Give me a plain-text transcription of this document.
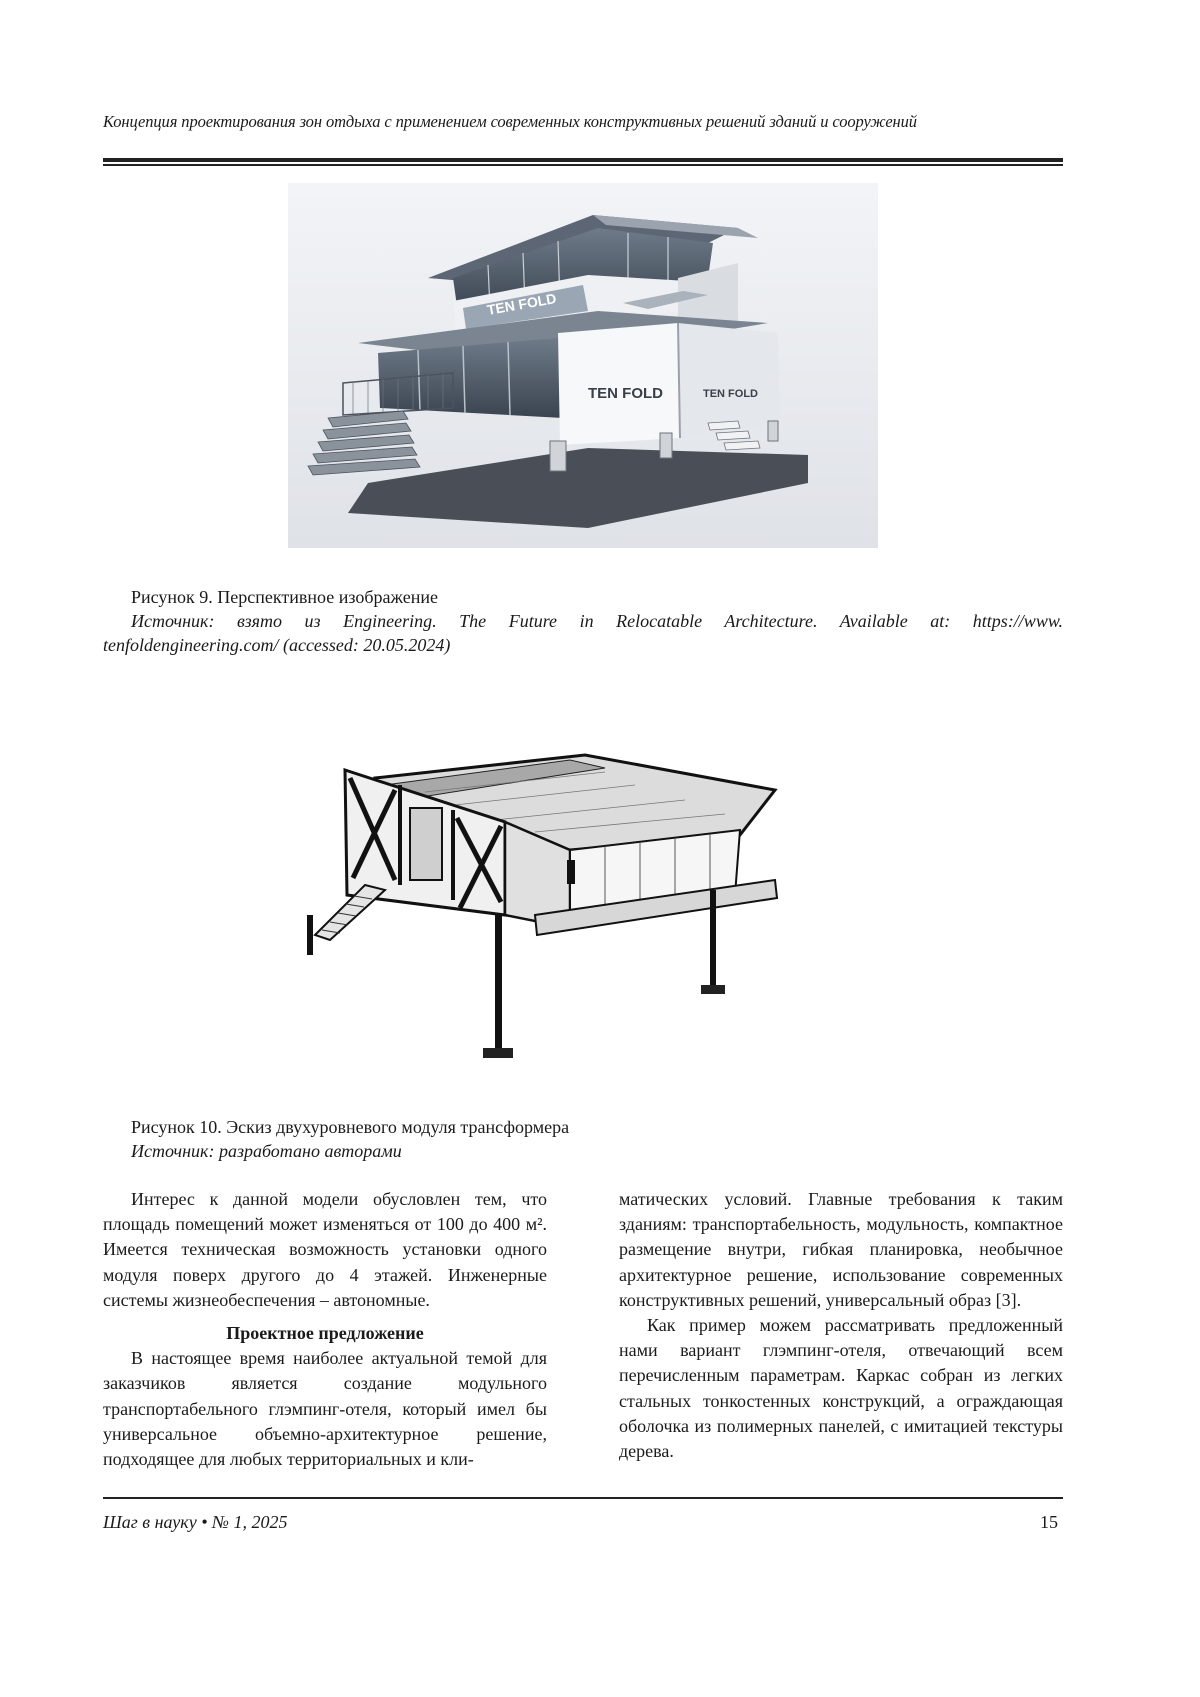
Концепция проектирования зон отдыха с применением современных конструктивных решений зданий и сооружений
TEN FOLD
TEN FOLD	TEN FOLD
Рисунок 9. Перспективное изображение
Источник: взято из Engineering. The Future in Relocatable Architecture. Available at: https://www.
tenfoldengineering.com/ (accessed: 20.05.2024)
Рисунок 10. Эскиз двухуровневого модуля трансформера
Источник: разработано авторами

Интерес к данной модели обусловлен тем, что площадь помещений может изменяться от 100 до 400 м². Имеется техническая возможность установки одного модуля поверх другого до 4 этажей. Инженерные системы жизнеобеспечения – автономные.

Проектное предложение

В настоящее время наиболее актуальной темой для заказчиков является создание модульного транспортабельного глэмпинг-отеля, который имел бы универсальное объемно-архитектурное решение, подходящее для любых территориальных и кли-

матических условий. Главные требования к таким зданиям: транспортабельность, модульность, компактное размещение внутри, гибкая планировка, необычное архитектурное решение, использование современных конструктивных решений, универсальный образ [3].

Как пример можем рассматривать предложенный нами вариант глэмпинг-отеля, отвечающий всем перечисленным параметрам. Каркас собран из легких стальных тонкостенных конструкций, а ограждающая оболочка из полимерных панелей, с имитацией текстуры дерева.

Шаг в науку • № 1, 2025	15
